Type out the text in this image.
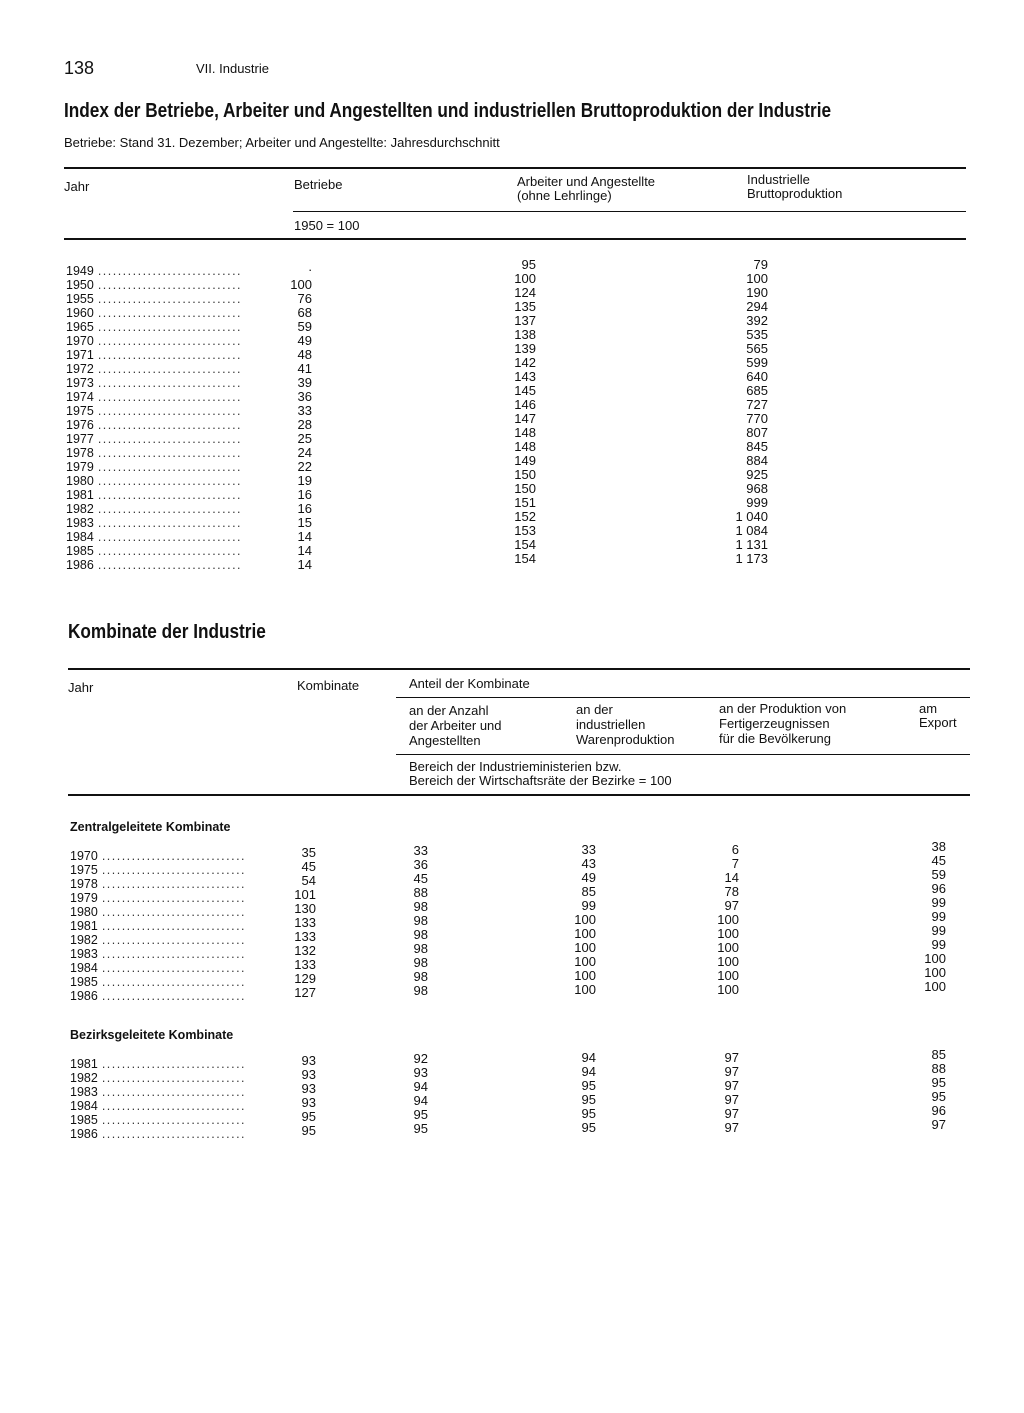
138	VII. Industrie
Index der Betriebe, Arbeiter und Angestellten und industriellen Bruttoproduktion der Industrie
Betriebe: Stand 31. Dezember; Arbeiter und Angestellte: Jahresdurchschnitt
Jahr	Betriebe	Arbeiter und Angestellte
(ohne Lehrlinge)
Industrielle
Bruttoproduktion
1950 = 100
1949 .............................	.	95	79
1950 .............................	100	100	100
1955 .............................	76	124	190
1960 .............................	68	135	294
1965 .............................	59	137	392
1970 .............................	49	138	535
1971 .............................	48	139	565
1972 .............................	41	142	599
1973 .............................	39	143	640
1974 .............................	36	145	685
1975 .............................	33	146	727
1976 .............................	28	147	770
1977 .............................	25	148	807
1978 .............................	24	148	845
1979 .............................	22	149	884
1980 .............................	19	150	925
1981 .............................	16	150	968
1982 .............................	16	151	999
1983 .............................	15	152	1 040
1984 .............................	14	153	1 084
1985 .............................	14	154	1 131
1986 .............................	14	154	1 173
Kombinate der Industrie
Jahr	Kombinate	Anteil der Kombinate
an der Anzahl
der Arbeiter und
Angestellten
an der
industriellen
Warenproduktion
an der Produktion von
Fertigerzeugnissen
für die Bevölkerung
am
Export
Bereich der Industrieministerien bzw.
Bereich der Wirtschaftsräte der Bezirke = 100
Zentralgeleitete Kombinate
1970 .............................	35	33	33	6	38
1975 .............................	45	36	43	7	45
1978 .............................	54	45	49	14	59
1979 .............................	101	88	85	78	96
1980 .............................	130	98	99	97	99
1981 .............................	133	98	100	100	99
1982 .............................	133	98	100	100	99
1983 .............................	132	98	100	100	99
1984 .............................	133	98	100	100	100
1985 .............................	129	98	100	100	100
1986 .............................	127	98	100	100	100
Bezirksgeleitete Kombinate
1981 .............................	93	92	94	97	85
1982 .............................	93	93	94	97	88
1983 .............................	93	94	95	97	95
1984 .............................	93	94	95	97	95
1985 .............................	95	95	95	97	96
1986 .............................	95	95	95	97	97
